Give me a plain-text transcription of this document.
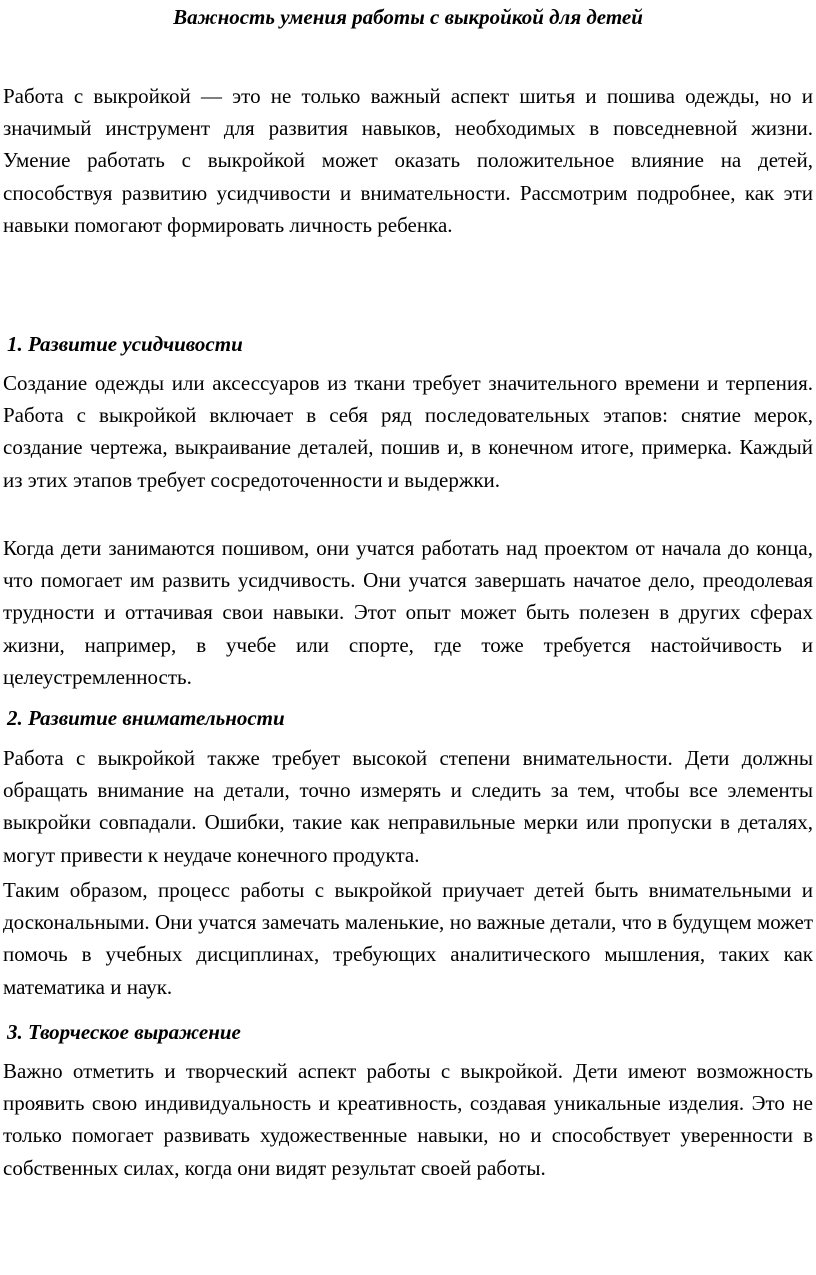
Важность умения работы с выкройкой для детей

Работа с выкройкой — это не только важный аспект шитья и пошива одежды, но и значимый инструмент для развития навыков, необходимых в повседневной жизни. Умение работать с выкройкой может оказать положительное влияние на детей, способствуя развитию усидчивости и внимательности. Рассмотрим подробнее, как эти навыки помогают формировать личность ребенка.

1. Развитие усидчивости

Создание одежды или аксессуаров из ткани требует значительного времени и терпения. Работа с выкройкой включает в себя ряд последовательных этапов: снятие мерок, создание чертежа, выкраивание деталей, пошив и, в конечном итоге, примерка. Каждый из этих этапов требует сосредоточенности и выдержки.

Когда дети занимаются пошивом, они учатся работать над проектом от начала до конца, что помогает им развить усидчивость. Они учатся завершать начатое дело, преодолевая трудности и оттачивая свои навыки. Этот опыт может быть полезен в других сферах жизни, например, в учебе или спорте, где тоже требуется настойчивость и целеустремленность.

2. Развитие внимательности

Работа с выкройкой также требует высокой степени внимательности. Дети должны обращать внимание на детали, точно измерять и следить за тем, чтобы все элементы выкройки совпадали. Ошибки, такие как неправильные мерки или пропуски в деталях, могут привести к неудаче конечного продукта.

Таким образом, процесс работы с выкройкой приучает детей быть внимательными и доскональными. Они учатся замечать маленькие, но важные детали, что в будущем может помочь в учебных дисциплинах, требующих аналитического мышления, таких как математика и наук.

3. Творческое выражение

Важно отметить и творческий аспект работы с выкройкой. Дети имеют возможность проявить свою индивидуальность и креативность, создавая уникальные изделия. Это не только помогает развивать художественные навыки, но и способствует уверенности в собственных силах, когда они видят результат своей работы.
